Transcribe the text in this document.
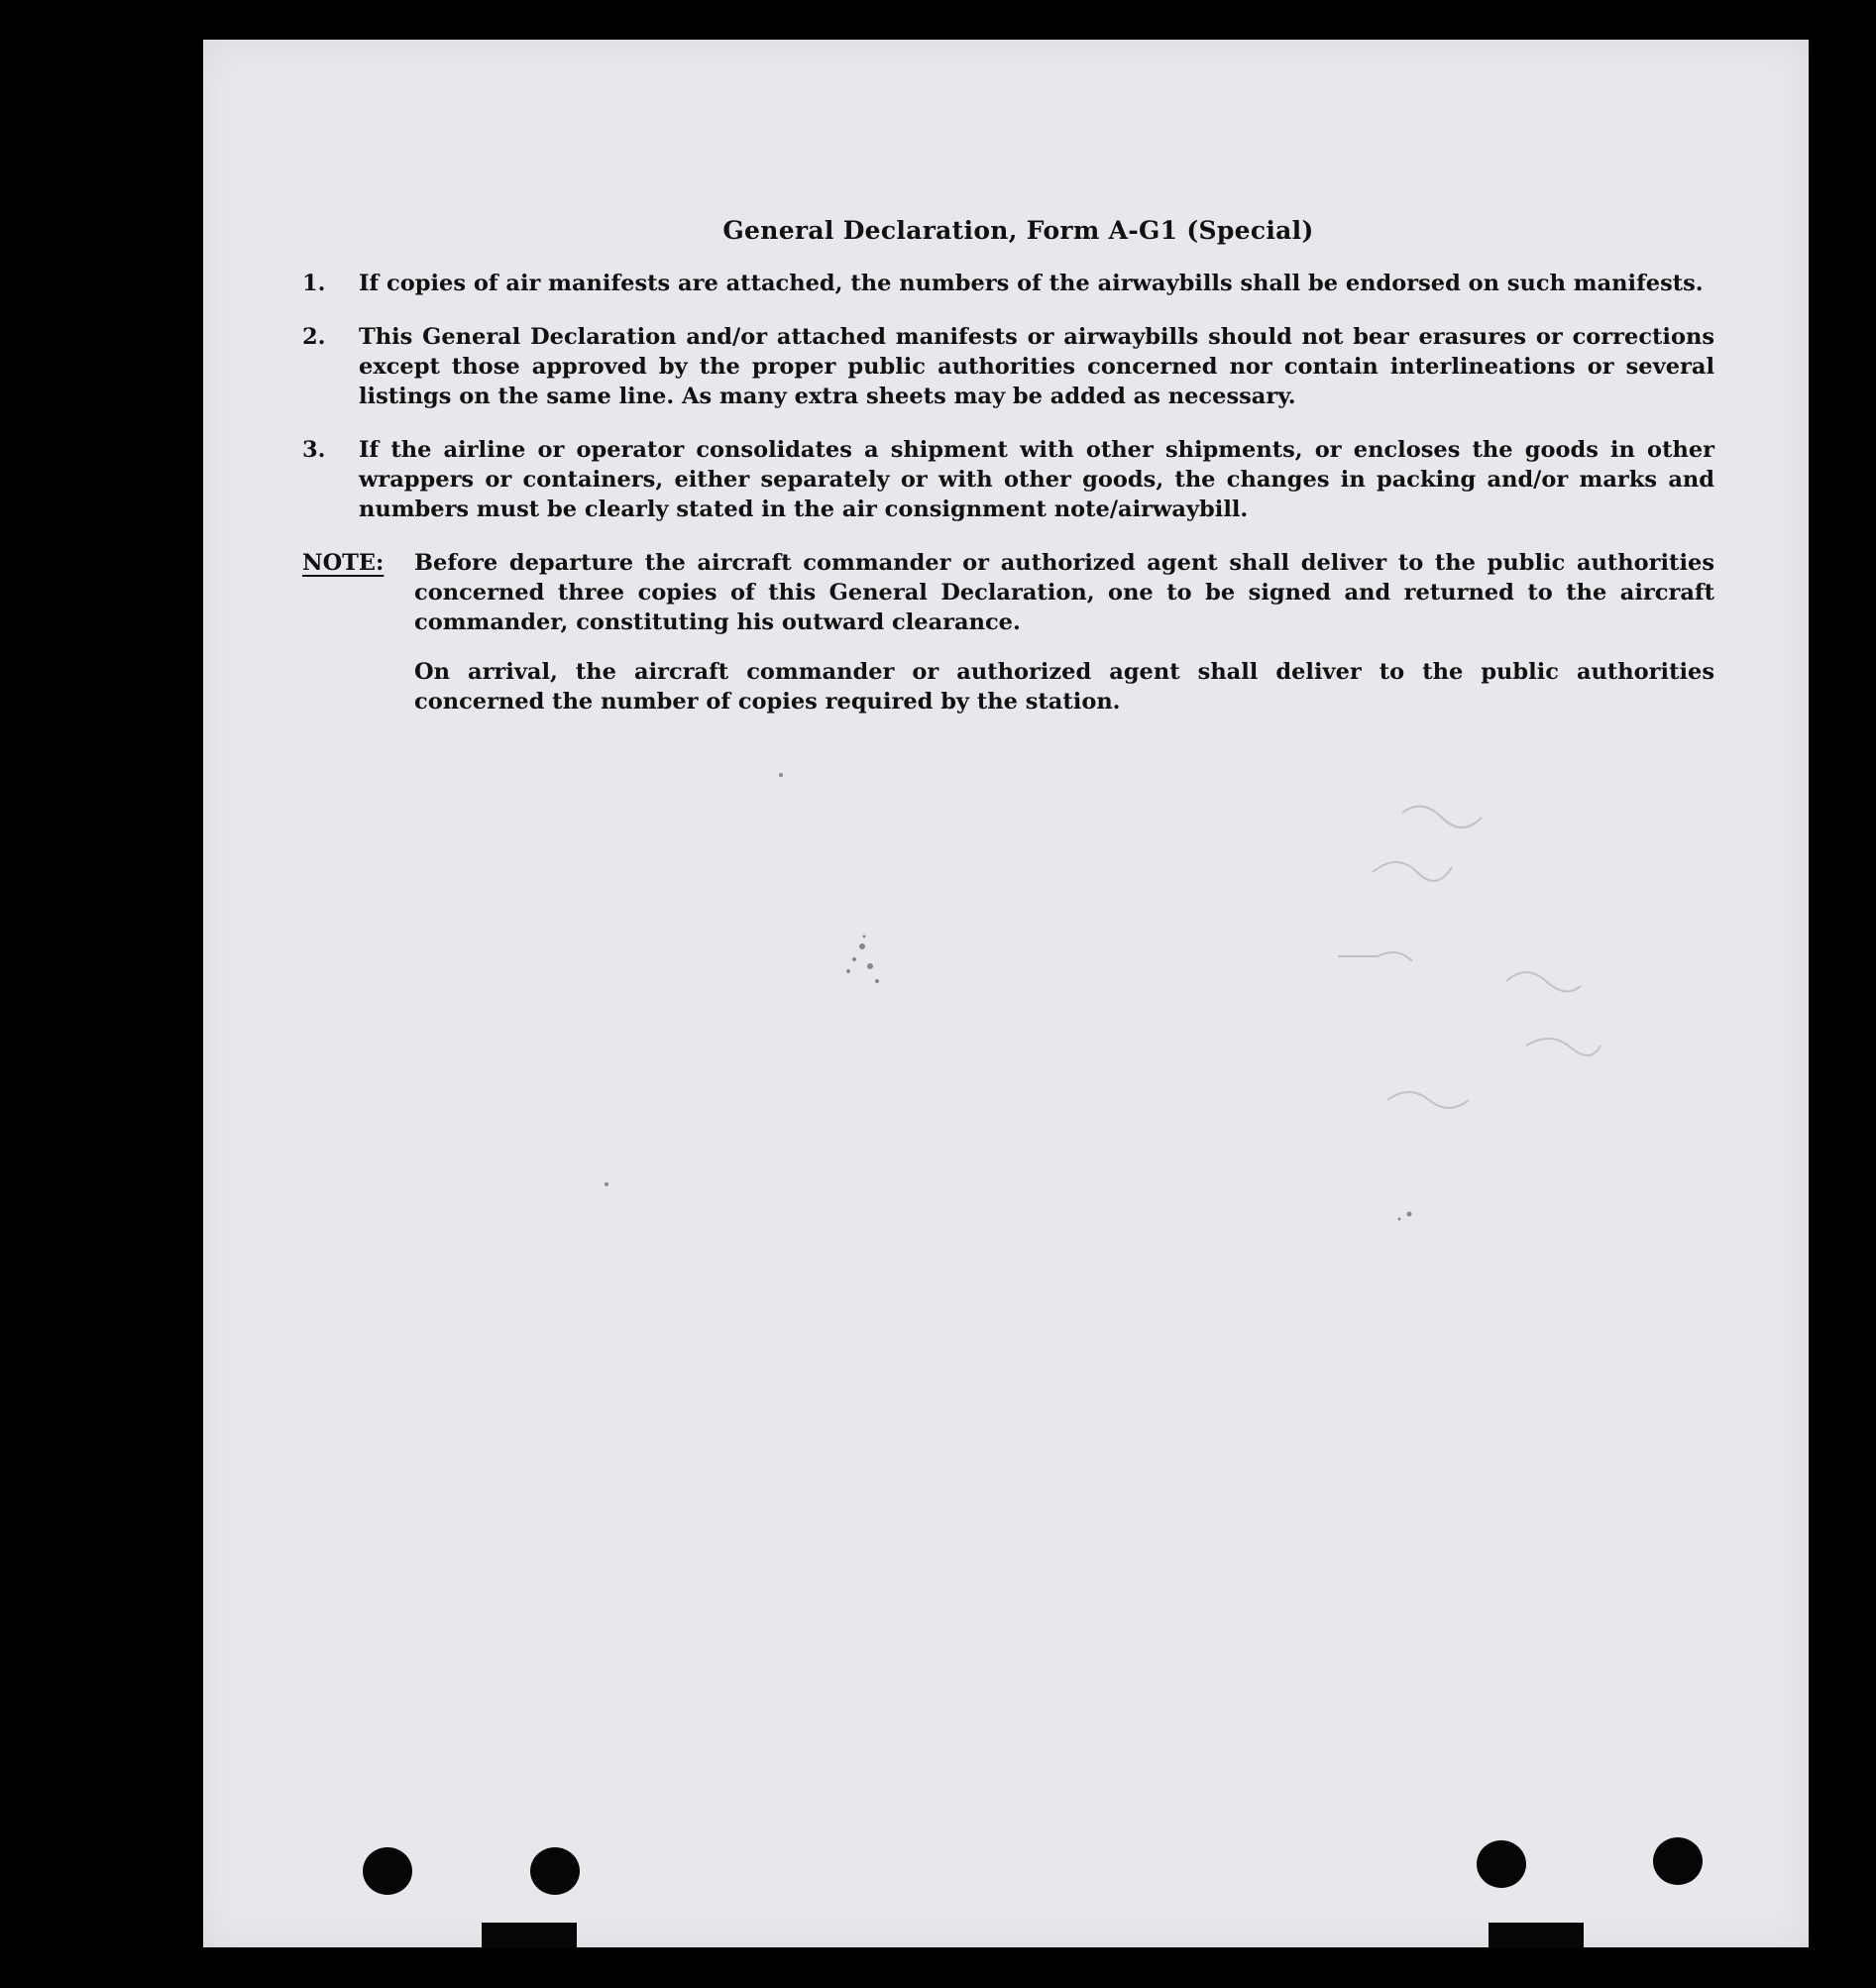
General Declaration, Form A-G1 (Special)
1.	If copies of air manifests are attached, the numbers of the airwaybills shall be endorsed on such manifests.
2.	This General Declaration and/or attached manifests or airwaybills should not bear erasures or corrections except those approved by the proper public authorities concerned nor contain interlineations or several listings on the same line. As many extra sheets may be added as necessary.
3.	If the airline or operator consolidates a shipment with other shipments, or encloses the goods in other wrappers or containers, either separately or with other goods, the changes in packing and/or marks and numbers must be clearly stated in the air consignment note/airwaybill.
NOTE:	Before departure the aircraft commander or authorized agent shall deliver to the public authorities concerned three copies of this General Declaration, one to be signed and returned to the aircraft commander, constituting his outward clearance.
On arrival, the aircraft commander or authorized agent shall deliver to the public authorities concerned the number of copies required by the station.
